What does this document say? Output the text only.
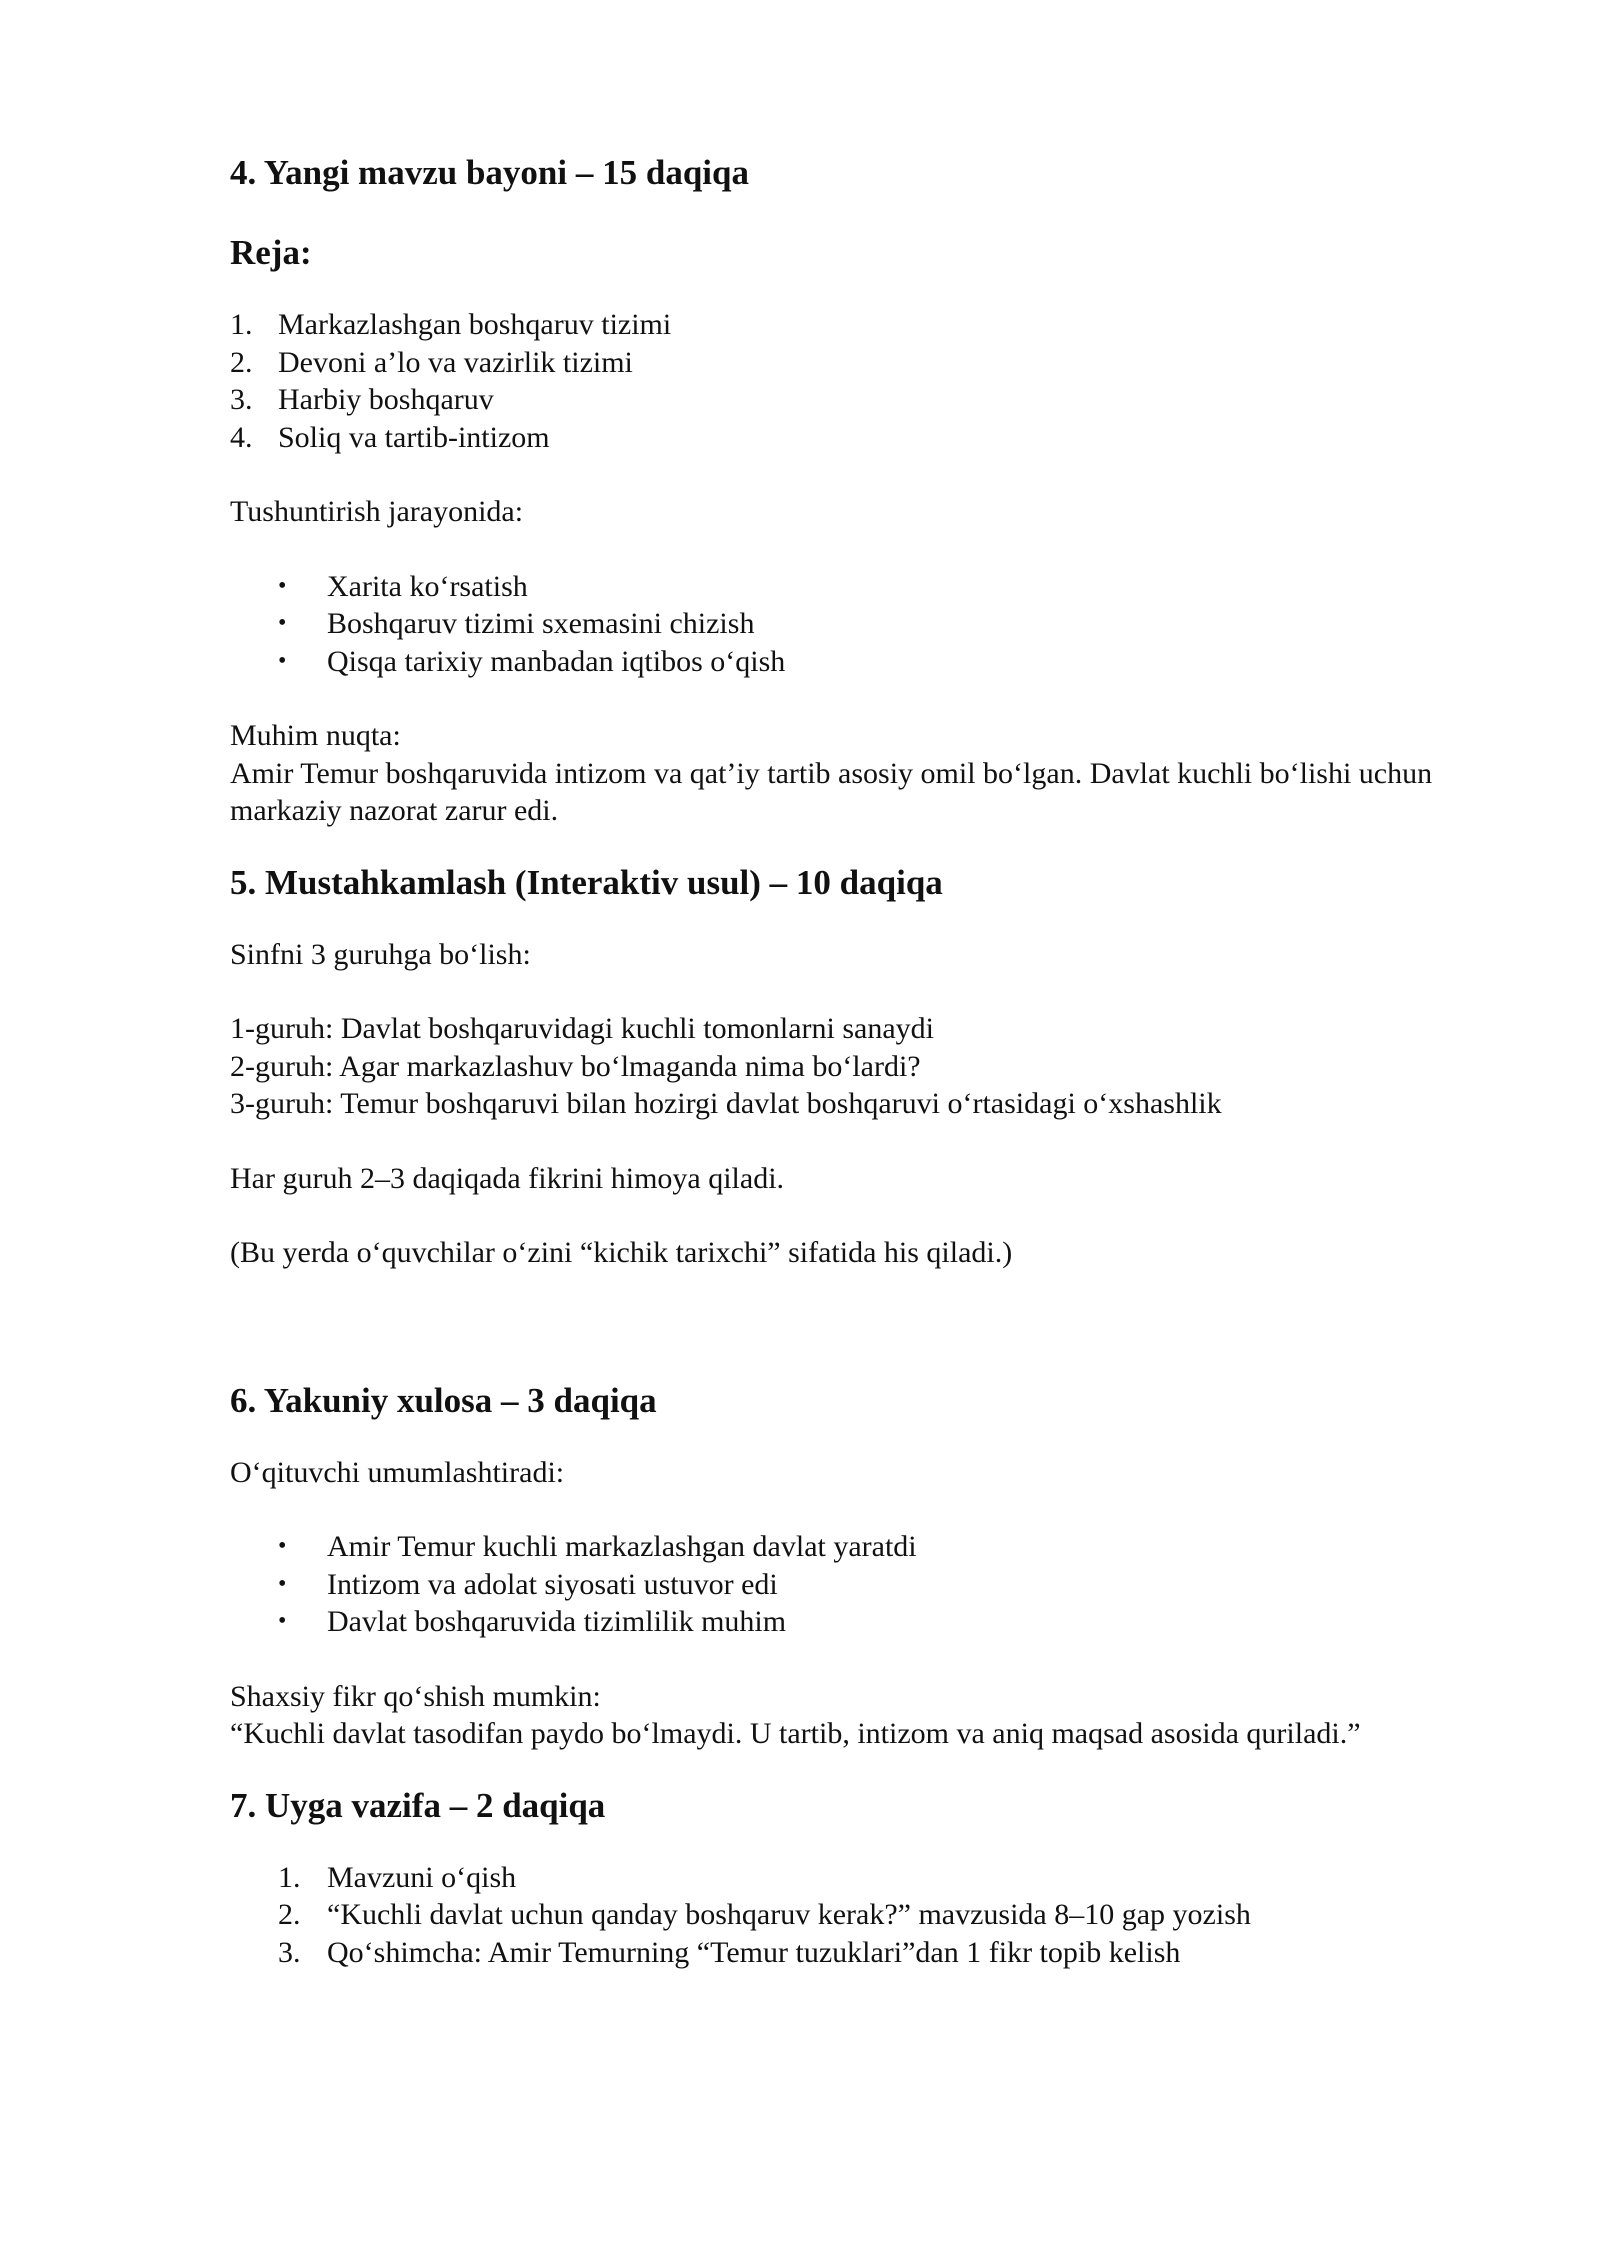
4. Yangi mavzu bayoni – 15 daqiqa
Reja:
1. Markazlashgan boshqaruv tizimi
2. Devoni a’lo va vazirlik tizimi
3. Harbiy boshqaruv
4. Soliq va tartib-intizom

Tushuntirish jarayonida:

•	Xarita ko‘rsatish
•	Boshqaruv tizimi sxemasini chizish
•	Qisqa tarixiy manbadan iqtibos o‘qish

Muhim nuqta:

Amir Temur boshqaruvida intizom va qat’iy tartib asosiy omil bo‘lgan. Davlat kuchli bo‘lishi uchun markaziy nazorat zarur edi.

5. Mustahkamlash (Interaktiv usul) – 10 daqiqa

Sinfni 3 guruhga bo‘lish:

1-guruh: Davlat boshqaruvidagi kuchli tomonlarni sanaydi

2-guruh: Agar markazlashuv bo‘lmaganda nima bo‘lardi?

3-guruh: Temur boshqaruvi bilan hozirgi davlat boshqaruvi o‘rtasidagi o‘xshashlik

Har guruh 2–3 daqiqada fikrini himoya qiladi.

(Bu yerda o‘quvchilar o‘zini “kichik tarixchi” sifatida his qiladi.)

6. Yakuniy xulosa – 3 daqiqa

O‘qituvchi umumlashtiradi:

•	Amir Temur kuchli markazlashgan davlat yaratdi
•	Intizom va adolat siyosati ustuvor edi
•	Davlat boshqaruvida tizimlilik muhim

Shaxsiy fikr qo‘shish mumkin:

“Kuchli davlat tasodifan paydo bo‘lmaydi. U tartib, intizom va aniq maqsad asosida quriladi.”

7. Uyga vazifa – 2 daqiqa
1. Mavzuni o‘qish
2. “Kuchli davlat uchun qanday boshqaruv kerak?” mavzusida 8–10 gap yozish
3. Qo‘shimcha: Amir Temurning “Temur tuzuklari”dan 1 fikr topib kelish
